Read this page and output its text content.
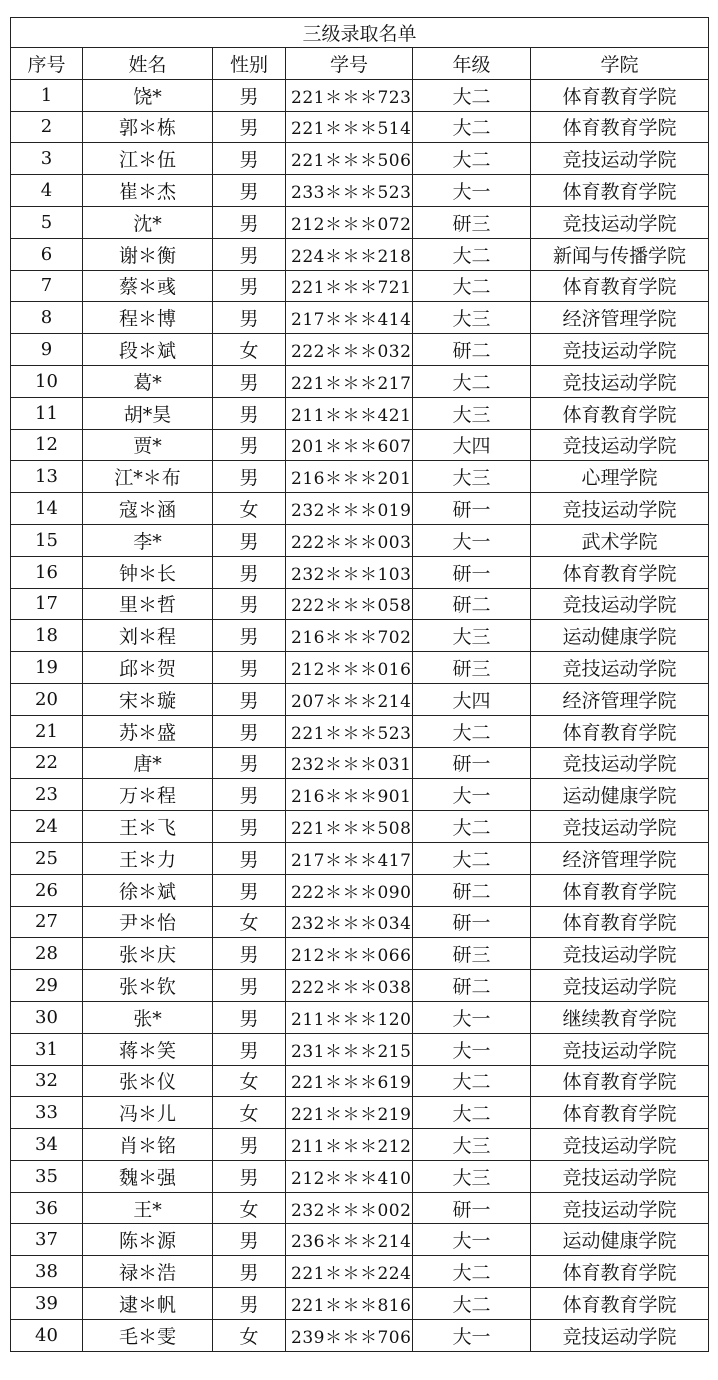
三级录取名单					
序号	姓名	性别	学号	年级	学院
1	饶*	男	221＊＊＊723	大二	体育教育学院
2	郭＊栋	男	221＊＊＊514	大二	体育教育学院
3	江＊伍	男	221＊＊＊506	大二	竞技运动学院
4	崔＊杰	男	233＊＊＊523	大一	体育教育学院
5	沈*	男	212＊＊＊072	研三	竞技运动学院
6	谢＊衡	男	224＊＊＊218	大二	新闻与传播学院
7	蔡＊彧	男	221＊＊＊721	大二	体育教育学院
8	程＊博	男	217＊＊＊414	大三	经济管理学院
9	段＊斌	女	222＊＊＊032	研二	竞技运动学院
10	葛*	男	221＊＊＊217	大二	竞技运动学院
11	胡*昊	男	211＊＊＊421	大三	体育教育学院
12	贾*	男	201＊＊＊607	大四	竞技运动学院
13	江*＊布	男	216＊＊＊201	大三	心理学院
14	寇＊涵	女	232＊＊＊019	研一	竞技运动学院
15	李*	男	222＊＊＊003	大一	武术学院
16	钟＊长	男	232＊＊＊103	研一	体育教育学院
17	里＊哲	男	222＊＊＊058	研二	竞技运动学院
18	刘＊程	男	216＊＊＊702	大三	运动健康学院
19	邱＊贺	男	212＊＊＊016	研三	竞技运动学院
20	宋＊璇	男	207＊＊＊214	大四	经济管理学院
21	苏＊盛	男	221＊＊＊523	大二	体育教育学院
22	唐*	男	232＊＊＊031	研一	竞技运动学院
23	万＊程	男	216＊＊＊901	大一	运动健康学院
24	王＊飞	男	221＊＊＊508	大二	竞技运动学院
25	王＊力	男	217＊＊＊417	大二	经济管理学院
26	徐＊斌	男	222＊＊＊090	研二	体育教育学院
27	尹＊怡	女	232＊＊＊034	研一	体育教育学院
28	张＊庆	男	212＊＊＊066	研三	竞技运动学院
29	张＊钦	男	222＊＊＊038	研二	竞技运动学院
30	张*	男	211＊＊＊120	大一	继续教育学院
31	蒋＊笑	男	231＊＊＊215	大一	竞技运动学院
32	张＊仪	女	221＊＊＊619	大二	体育教育学院
33	冯＊儿	女	221＊＊＊219	大二	体育教育学院
34	肖＊铭	男	211＊＊＊212	大三	竞技运动学院
35	魏＊强	男	212＊＊＊410	大三	竞技运动学院
36	王*	女	232＊＊＊002	研一	竞技运动学院
37	陈＊源	男	236＊＊＊214	大一	运动健康学院
38	禄＊浩	男	221＊＊＊224	大二	体育教育学院
39	逮＊帆	男	221＊＊＊816	大二	体育教育学院
40	毛＊雯	女	239＊＊＊706	大一	竞技运动学院
